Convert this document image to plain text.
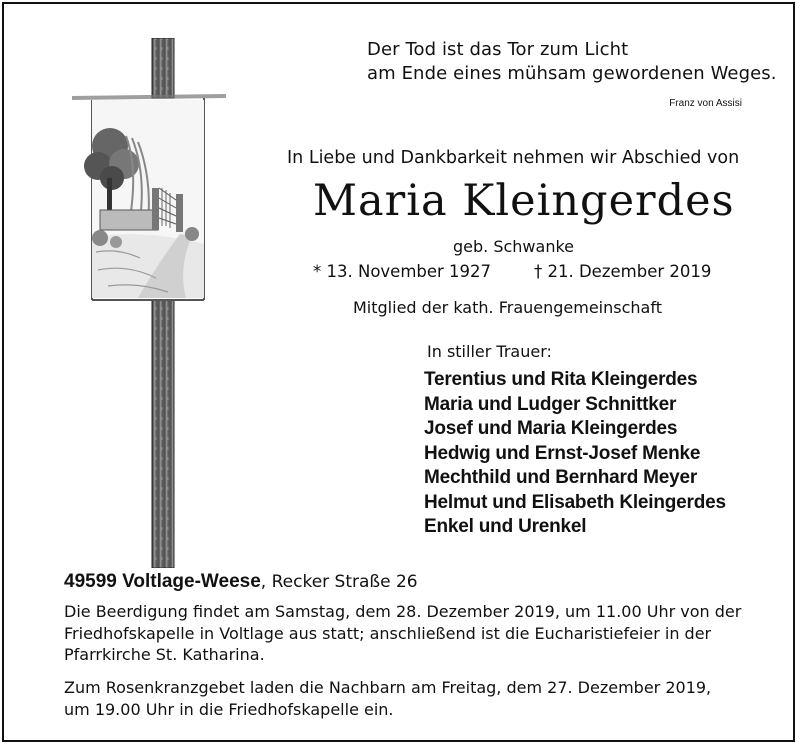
Der Tod ist das Tor zum Licht
am Ende eines mühsam gewordenen Weges.
Franz von Assisi
In Liebe und Dankbarkeit nehmen wir Abschied von
Maria Kleingerdes
geb. Schwanke
* 13. November 1927	† 21. Dezember 2019
Mitglied der kath. Frauengemeinschaft
In stiller Trauer:
Terentius und Rita Kleingerdes
Maria und Ludger Schnittker
Josef und Maria Kleingerdes
Hedwig und Ernst-Josef Menke
Mechthild und Bernhard Meyer
Helmut und Elisabeth Kleingerdes
Enkel und Urenkel
49599 Voltlage-Weese, Recker Straße 26
Die Beerdigung findet am Samstag, dem 28. Dezember 2019, um 11.00 Uhr von der
Friedhofskapelle in Voltlage aus statt; anschließend ist die Eucharistiefeier in der
Pfarrkirche St. Katharina.
Zum Rosenkranzgebet laden die Nachbarn am Freitag, dem 27. Dezember 2019,
um 19.00 Uhr in die Friedhofskapelle ein.
